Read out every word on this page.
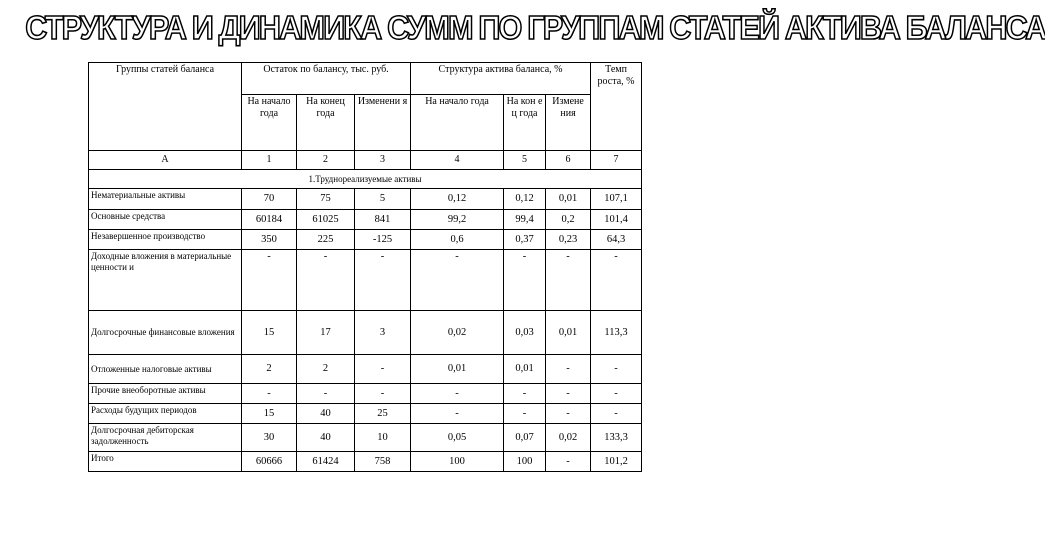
СТРУКТУРА И ДИНАМИКА СУММ ПО ГРУППАМ СТАТЕЙ АКТИВА БАЛАНСА
Группы статей баланса	Остаток по балансу, тыс. руб.			Структура актива баланса, %			Темп роста, %
	На начало года	На конец года	Изменени я	На начало года	На кон е ц года	Измене ния	
А	1	2	3	4	5	6	7
1.Труднореализуемые активы							
Нематериальные активы	70	75	5	0,12	0,12	0,01	107,1
Основные средства	60184	61025	841	99,2	99,4	0,2	101,4
Незавершенное производство	350	225	-125	0,6	0,37	0,23	64,3
Доходные вложения в материальные ценности и	-	-	-	-	-	-	-
Долгосрочные финансовые вложения	15	17	3	0,02	0,03	0,01	113,3
Отложенные налоговые активы	2	2	-	0,01	0,01	-	-
Прочие внеоборотные активы	-	-	-	-	-	-	-
Расходы будущих периодов	15	40	25	-	-	-	-
Долгосрочная дебиторская задолженность	30	40	10	0,05	0,07	0,02	133,3
Итого	60666	61424	758	100	100	-	101,2
